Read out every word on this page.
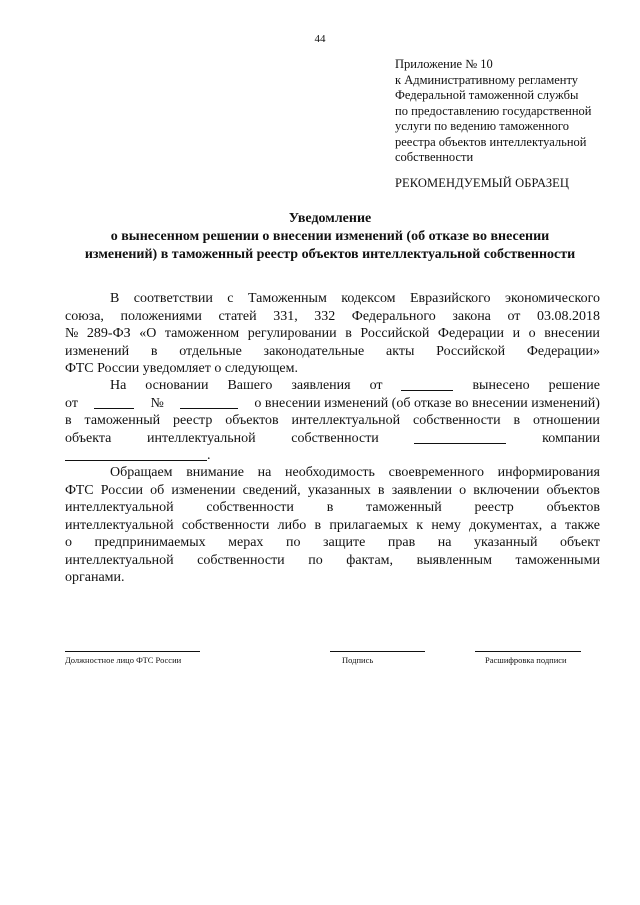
44
Приложение № 10
к Административному регламенту
Федеральной таможенной службы
по предоставлению государственной
услуги по ведению таможенного
реестра объектов интеллектуальной
собственности
РЕКОМЕНДУЕМЫЙ ОБРАЗЕЦ
Уведомление
о вынесенном решении о внесении изменений (об отказе во внесении
изменений) в таможенный реестр объектов интеллектуальной собственности
В соответствии с Таможенным кодексом Евразийского экономического
союза, положениями статей 331, 332 Федерального закона от 03.08.2018
№ 289-ФЗ «О таможенном регулировании в Российской Федерации и о внесении
изменений в отдельные законодательные акты Российской Федерации»
ФТС России уведомляет о следующем.
На основании Вашего заявления от	вынесено решение
от	№	о внесении изменений (об отказе во внесении изменений)
в таможенный реестр объектов интеллектуальной собственности в отношении
объекта	интеллектуальной	собственности	компании
.
Обращаем внимание на необходимость своевременного информирования
ФТС России об изменении сведений, указанных в заявлении о включении объектов
интеллектуальной собственности в таможенный реестр объектов
интеллектуальной собственности либо в прилагаемых к нему документах, а также
о предпринимаемых мерах по защите прав на указанный объект
интеллектуальной собственности по фактам, выявленным таможенными
органами.
Должностное лицо ФТС России	Подпись	Расшифровка подписи
